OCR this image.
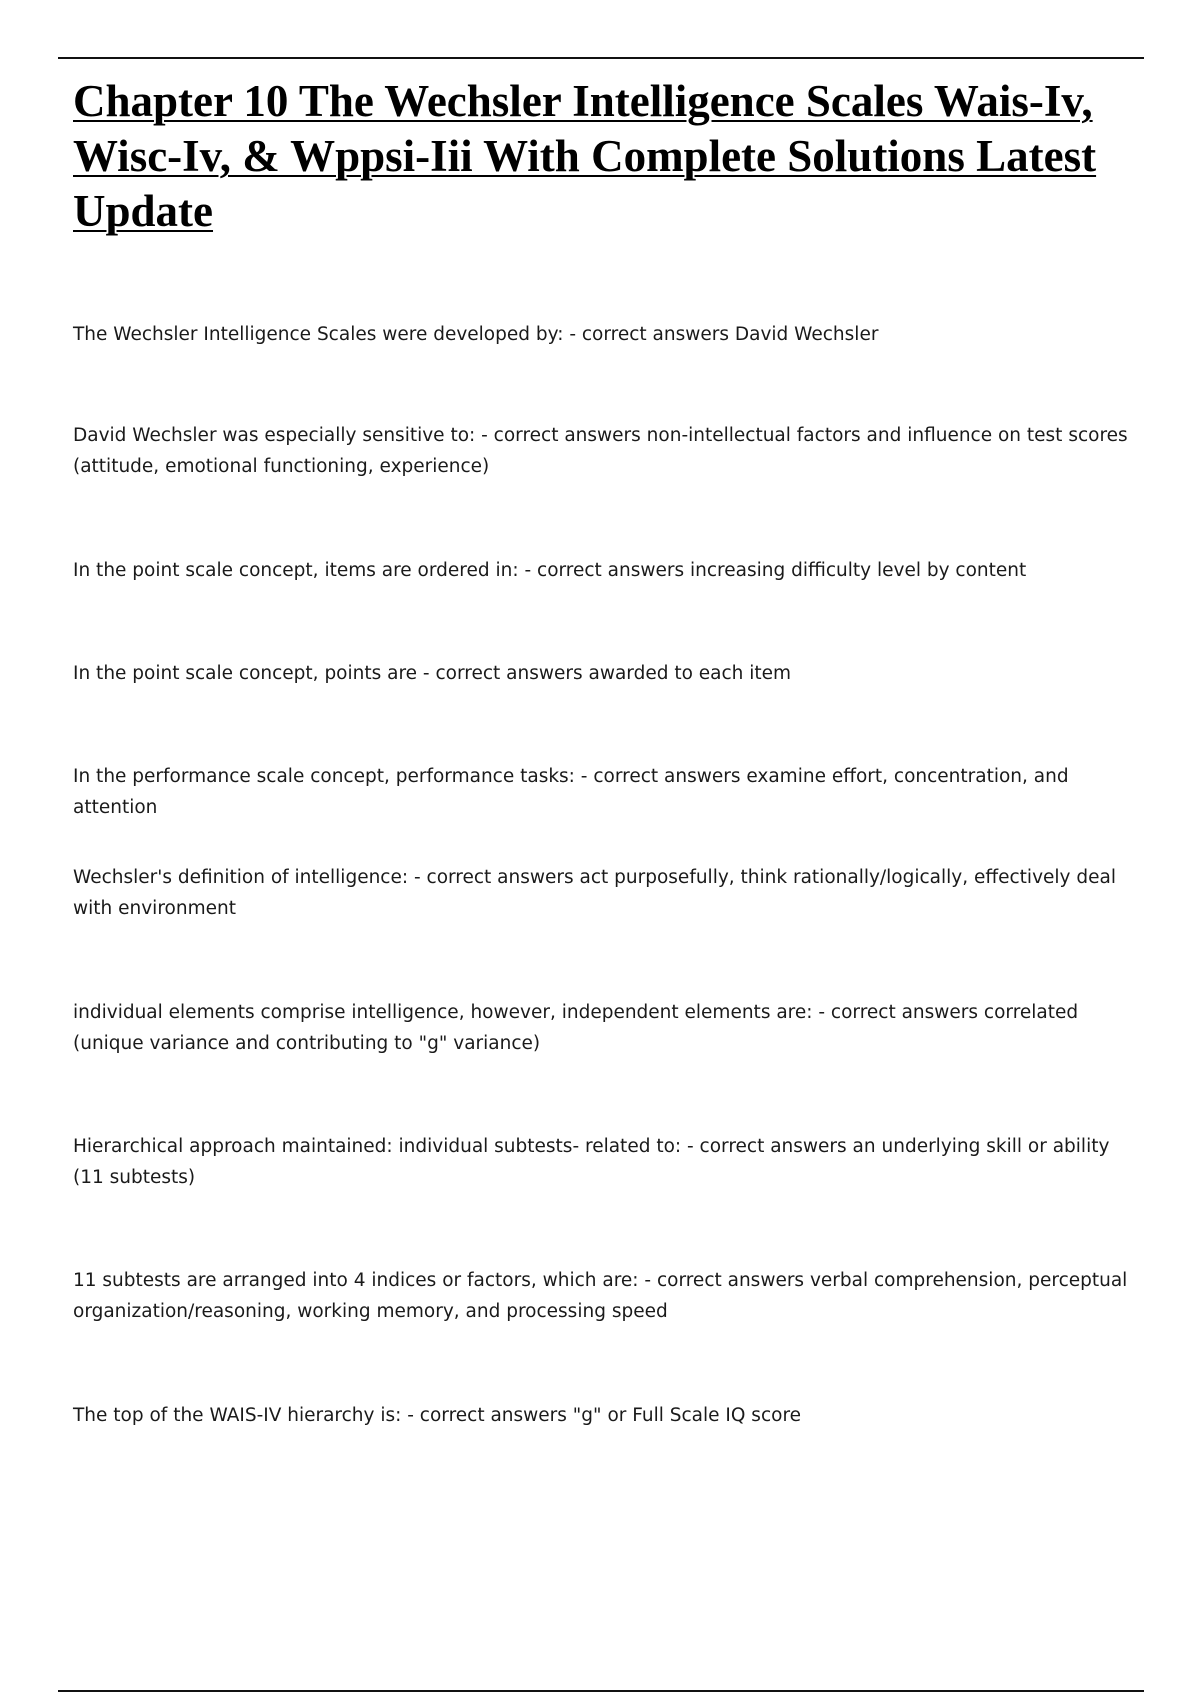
Chapter 10 The Wechsler Intelligence Scales Wais-Iv, Wisc-Iv, & Wppsi-Iii With Complete Solutions Latest Update
The Wechsler Intelligence Scales were developed by: - correct answers David Wechsler
David Wechsler was especially sensitive to: - correct answers non-intellectual factors and influence on test scores (attitude, emotional functioning, experience)
In the point scale concept, items are ordered in: - correct answers increasing difficulty level by content
In the point scale concept, points are - correct answers awarded to each item
In the performance scale concept, performance tasks: - correct answers examine effort, concentration, and attention
Wechsler's definition of intelligence: - correct answers act purposefully, think rationally/logically, effectively deal with environment
individual elements comprise intelligence, however, independent elements are: - correct answers correlated (unique variance and contributing to "g" variance)
Hierarchical approach maintained: individual subtests- related to: - correct answers an underlying skill or ability (11 subtests)
11 subtests are arranged into 4 indices or factors, which are: - correct answers verbal comprehension, perceptual organization/reasoning, working memory, and processing speed
The top of the WAIS-IV hierarchy is: - correct answers "g" or Full Scale IQ score
